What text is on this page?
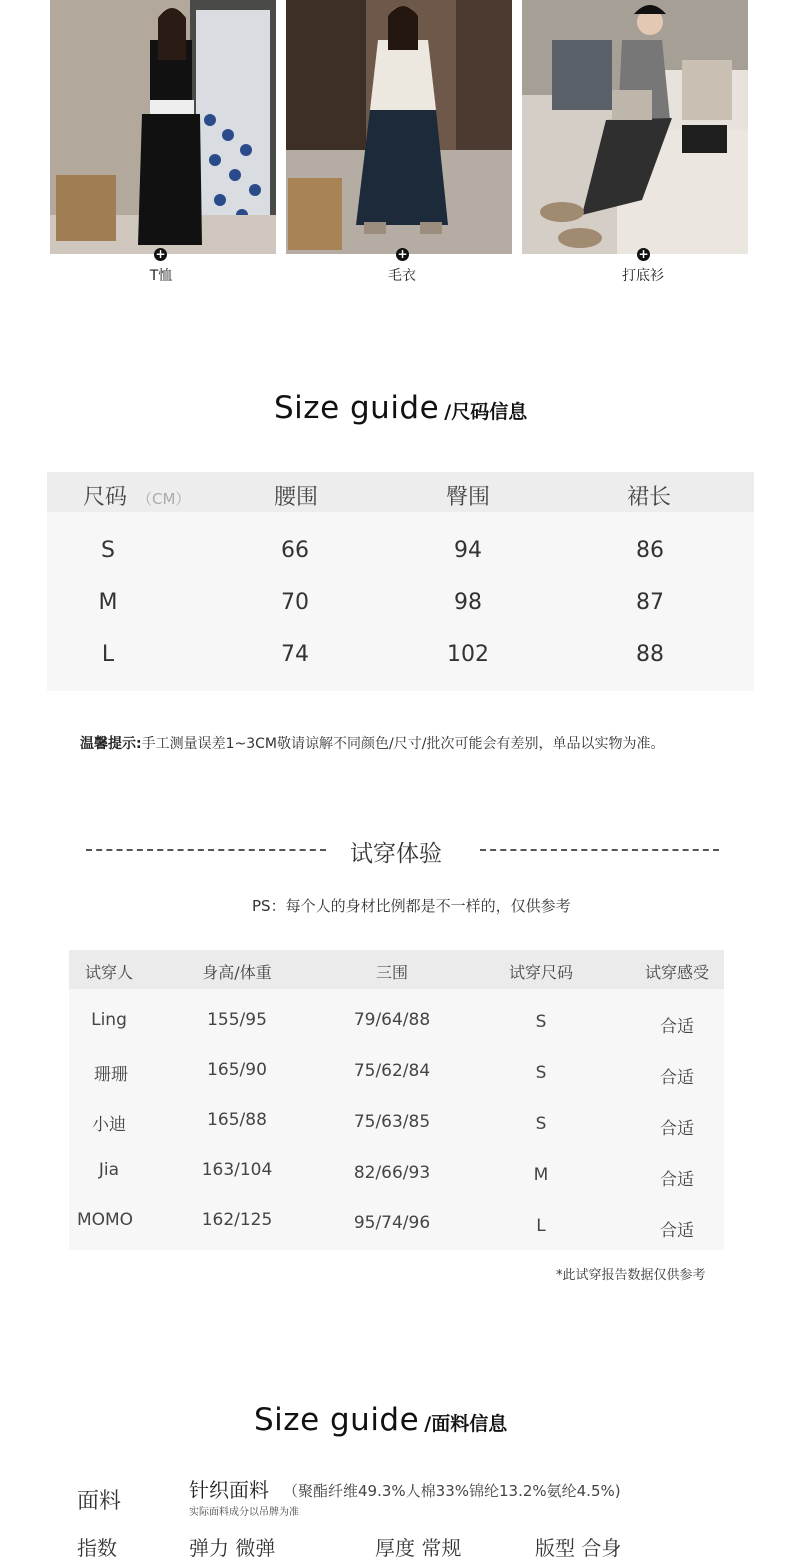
+
T恤
+
毛衣
+
打底衫
Size guide /尺码信息
尺码 （CM）	腰围	臀围	裙长
S	66	94	86
M	70	98	87
L	74	102	88
温馨提示:手工测量误差1~3CM敬请谅解不同颜色/尺寸/批次可能会有差别，单品以实物为准。
试穿体验
PS：每个人的身材比例都是不一样的，仅供参考
试穿人	身高/体重	三围	试穿尺码	试穿感受
Ling	155/95	79/64/88	S	合适
珊珊	165/90	75/62/84	S	合适
小迪	165/88	75/63/85	S	合适
Jia	163/104	82/66/93	M	合适
MOMO	162/125	95/74/96	L	合适
*此试穿报告数据仅供参考
Size guide /面料信息
面料	针织面料 （聚酯纤维49.3%人棉33%锦纶13.2%氨纶4.5%)
实际面料成分以吊牌为准
指数	弹力 微弹	厚度 常规	版型 合身
